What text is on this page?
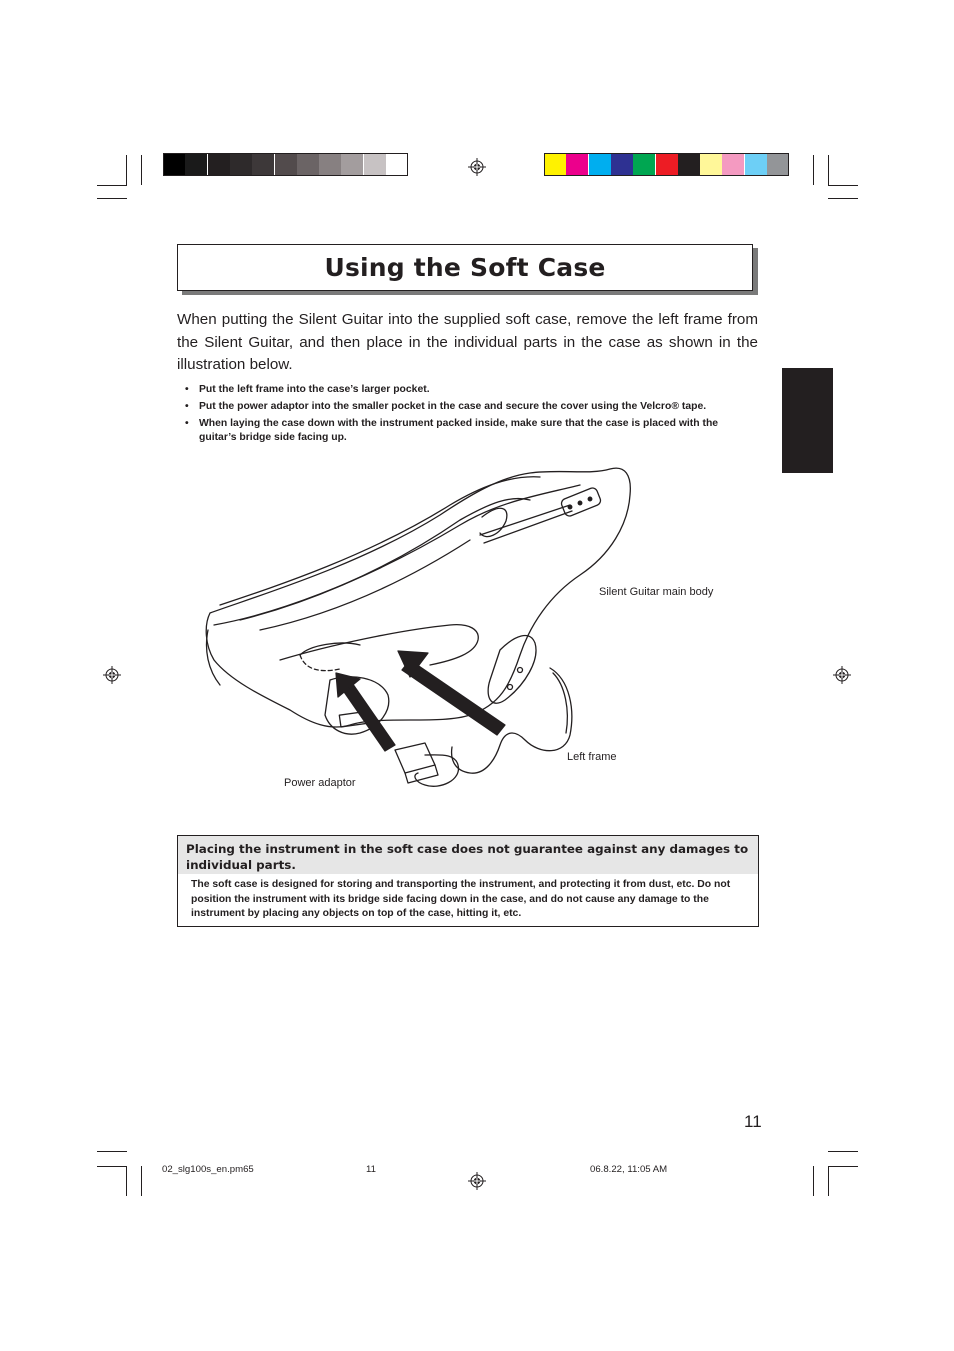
Using the Soft Case
When putting the Silent Guitar into the supplied soft case, remove the left frame from the Silent Guitar, and then place in the individual parts in the case as shown in the illustration below.
• Put the left frame into the case’s larger pocket.
• Put the power adaptor into the smaller pocket in the case and secure the cover using the Velcro® tape.
• When laying the case down with the instrument packed inside, make sure that the case is placed with the guitar’s bridge side facing up.
Silent Guitar main body
Left frame
Power adaptor
Placing the instrument in the soft case does not guarantee against any damages to individual parts.
The soft case is designed for storing and transporting the instrument, and protecting it from dust, etc. Do not position the instrument with its bridge side facing down in the case, and do not cause any damage to the instrument by placing any objects on top of the case, hitting it, etc.
11
02_slg100s_en.pm65	11	06.8.22, 11:05 AM
